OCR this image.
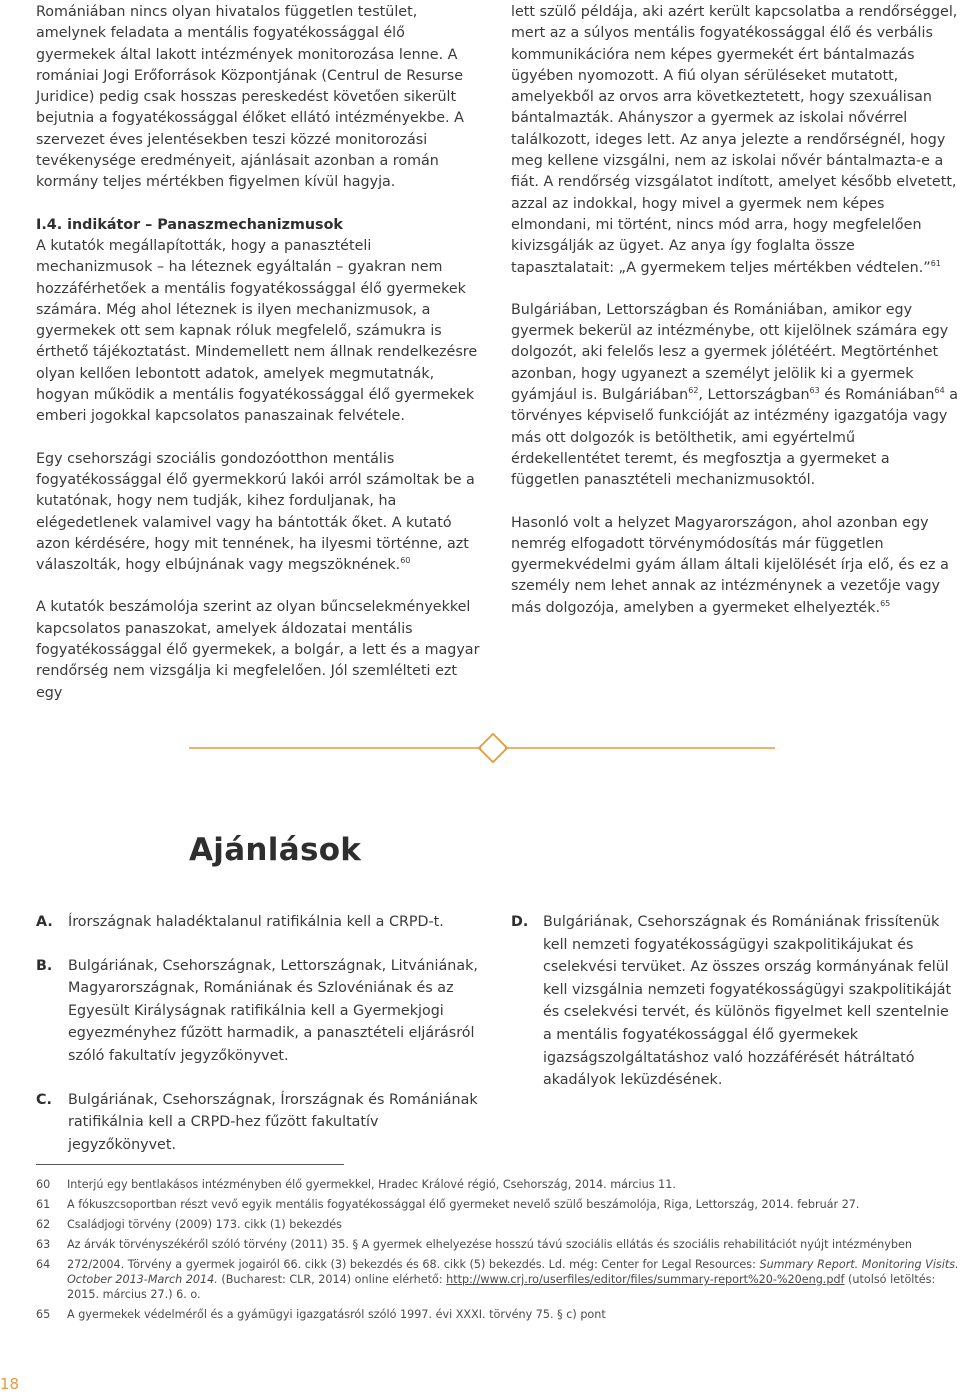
Romániában nincs olyan hivatalos független testület, amelynek feladata a mentális fogyatékossággal élő gyermekek által lakott intézmények monitorozása lenne. A romániai Jogi Erőforrások Központjának (Centrul de Resurse Juridice) pedig csak hosszas pereskedést követően sikerült bejutnia a fogyatékossággal élőket ellátó intézményekbe. A szervezet éves jelentésekben teszi közzé monitorozási tevékenysége eredményeit, ajánlásait azonban a román kormány teljes mértékben figyelmen kívül hagyja.

I.4. indikátor – Panaszmechanizmusok

A kutatók megállapították, hogy a panasztételi mechanizmusok – ha léteznek egyáltalán – gyakran nem hozzáférhetőek a mentális fogyatékossággal élő gyermekek számára. Még ahol léteznek is ilyen mechanizmusok, a gyermekek ott sem kapnak róluk megfelelő, számukra is érthető tájékoztatást. Mindemellett nem állnak rendelkezésre olyan kellően lebontott adatok, amelyek megmutatnák, hogyan működik a mentális fogyatékossággal élő gyermekek emberi jogokkal kapcsolatos panaszainak felvétele.

Egy csehországi szociális gondozóotthon mentális fogyatékossággal élő gyermekkorú lakói arról számoltak be a kutatónak, hogy nem tudják, kihez forduljanak, ha elégedetlenek valamivel vagy ha bántották őket. A kutató azon kérdésére, hogy mit tennének, ha ilyesmi történne, azt válaszolták, hogy elbújnának vagy megszöknének.$^{60}$

A kutatók beszámolója szerint az olyan bűncselekményekkel kapcsolatos panaszokat, amelyek áldozatai mentális fogyatékossággal élő gyermekek, a bolgár, a lett és a magyar rendőrség nem vizsgálja ki megfelelően. Jól szemlélteti ezt egy

lett szülő példája, aki azért került kapcsolatba a rendőrséggel, mert az a súlyos mentális fogyatékossággal élő és verbális kommunikációra nem képes gyermekét ért bántalmazás ügyében nyomozott. A fiú olyan sérüléseket mutatott, amelyekből az orvos arra következtetett, hogy szexuálisan bántalmazták. Ahányszor a gyermek az iskolai nővérrel találkozott, ideges lett. Az anya jelezte a rendőrségnél, hogy meg kellene vizsgálni, nem az iskolai nővér bántalmazta-e a fiát. A rendőrség vizsgálatot indított, amelyet később elvetett, azzal az indokkal, hogy mivel a gyermek nem képes elmondani, mi történt, nincs mód arra, hogy megfelelően kivizsgálják az ügyet. Az anya így foglalta össze tapasztalatait: „A gyermekem teljes mértékben védtelen.”$^{61}$

Bulgáriában, Lettországban és Romániában, amikor egy gyermek bekerül az intézménybe, ott kijelölnek számára egy dolgozót, aki felelős lesz a gyermek jólétéért. Megtörténhet azonban, hogy ugyanezt a személyt jelölik ki a gyermek gyámjául is. Bulgáriában$^{62}$, Lettországban$^{63}$ és Romániában$^{64}$ a törvényes képviselő funkcióját az intézmény igazgatója vagy más ott dolgozók is betölthetik, ami egyértelmű érdekellentétet teremt, és megfosztja a gyermeket a független panasztételi mechanizmusoktól.

Hasonló volt a helyzet Magyarországon, ahol azonban egy nemrég elfogadott törvénymódosítás már független gyermekvédelmi gyám állam általi kijelölését írja elő, és ez a személy nem lehet annak az intézménynek a vezetője vagy más dolgozója, amelyben a gyermeket elhelyezték.$^{65}$

Ajánlások
A.	Írországnak haladéktalanul ratifikálnia kell a CRPD-t.
B.	Bulgáriának, Csehországnak, Lettországnak, Litvániának, Magyarországnak, Romániának és Szlovéniának és az Egyesült Királyságnak ratifikálnia kell a Gyermekjogi egyezményhez fűzött harmadik, a panasztételi eljárásról szóló fakultatív jegyzőkönyvet.
C.	Bulgáriának, Csehországnak, Írországnak és Romániának ratifikálnia kell a CRPD-hez fűzött fakultatív jegyzőkönyvet.
D.	Bulgáriának, Csehországnak és Romániának frissítenük kell nemzeti fogyatékosságügyi szakpolitikájukat és cselekvési tervüket. Az összes ország kormányának felül kell vizsgálnia nemzeti fogyatékosságügyi szakpolitikáját és cselekvési tervét, és különös figyelmet kell szentelnie a mentális fogyatékossággal élő gyermekek igazságszolgáltatáshoz való hozzáférését hátráltató akadályok leküzdésének.
60	Interjú egy bentlakásos intézményben élő gyermekkel, Hradec Králové régió, Csehország, 2014. március 11.
61	A fókuszcsoportban részt vevő egyik mentális fogyatékossággal élő gyermeket nevelő szülő beszámolója, Riga, Lettország, 2014. február 27.
62	Családjogi törvény (2009) 173. cikk (1) bekezdés
63	Az árvák törvényszékéről szóló törvény (2011) 35. § A gyermek elhelyezése hosszú távú szociális ellátás és szociális rehabilitációt nyújt intézményben
64	272/2004. Törvény a gyermek jogairól 66. cikk (3) bekezdés és 68. cikk (5) bekezdés. Ld. még: Center for Legal Resources: Summary Report. Monitoring Visits. October 2013-March 2014. (Bucharest: CLR, 2014) online elérhető: http://www.crj.ro/userfiles/editor/files/summary-report%20-%20eng.pdf (utolsó letöltés: 2015. március 27.) 6. o.
65	A gyermekek védelméről és a gyámügyi igazgatásról szóló 1997. évi XXXI. törvény 75. § c) pont
18
